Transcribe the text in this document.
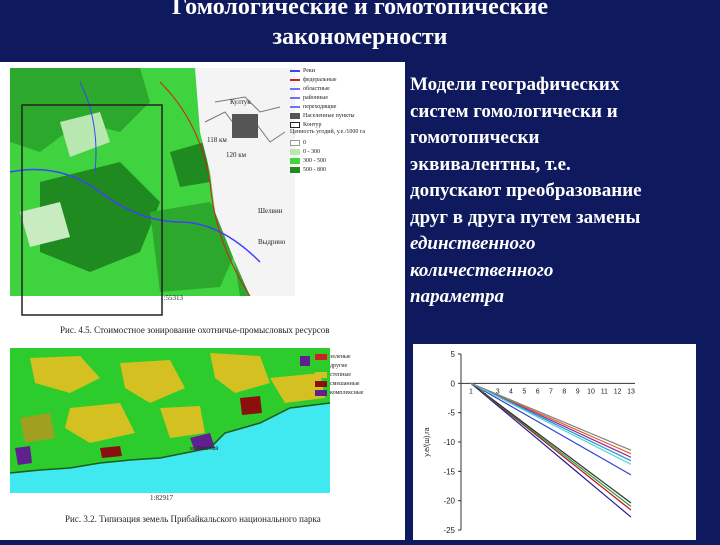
Гомологические и гомотопические
закономерности
Реки
федеральные
областные
районные
переходящие
Населенные пункты
Контур
Ценность угодий, у.е./1000 га
0
0 - 300
300 - 500
500 - 800
Култук
118 км
120 км
Шелвин
Выдрино
1:55313
Рис. 4.5. Стоимостное зонирование охотничье-промысловых ресурсов
зеленые
другие
степные
смешанные
комплексные
м. Толстый
1:82917
Рис. 3.2. Типизация земель Прибайкальского национального парка
Модели географических
систем гомологически и
гомотопически
эквивалентны, т.е.
допускают преобразование
друг в друга путем замены
единственного
количественного
параметра
5
0
-5
-10
-15
-20
-25
1 2 3 4 5 6 7 8 9 10 11 12 13
у.е/(ш),га
